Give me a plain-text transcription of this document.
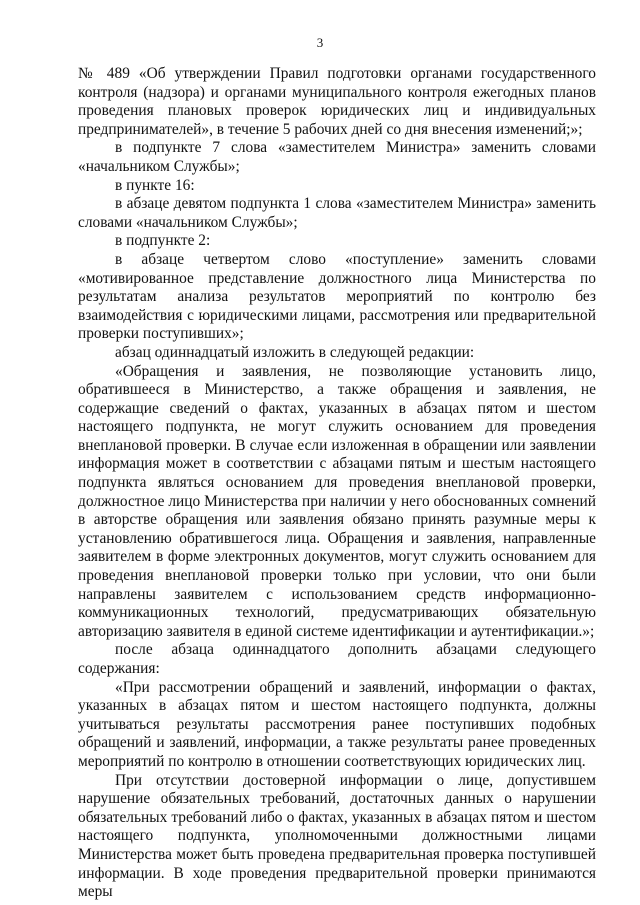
3

№ 489 «Об утверждении Правил подготовки органами государственного контроля (надзора) и органами муниципального контроля ежегодных планов проведения плановых проверок юридических лиц и индивидуальных предпринимателей», в течение 5 рабочих дней со дня внесения изменений;»;

в подпункте 7 слова «заместителем Министра» заменить словами «начальником Службы»;

в пункте 16:

в абзаце девятом подпункта 1 слова «заместителем Министра» заменить словами «начальником Службы»;

в подпункте 2:

в абзаце четвертом слово «поступление» заменить словами «мотивированное представление должностного лица Министерства по результатам анализа результатов мероприятий по контролю без взаимодействия с юридическими лицами, рассмотрения или предварительной проверки поступивших»;

абзац одиннадцатый изложить в следующей редакции:

«Обращения и заявления, не позволяющие установить лицо, обратившееся в Министерство, а также обращения и заявления, не содержащие сведений о фактах, указанных в абзацах пятом и шестом настоящего подпункта, не могут служить основанием для проведения внеплановой проверки. В случае если изложенная в обращении или заявлении информация может в соответствии с абзацами пятым и шестым настоящего подпункта являться основанием для проведения внеплановой проверки, должностное лицо Министерства при наличии у него обоснованных сомнений в авторстве обращения или заявления обязано принять разумные меры к установлению обратившегося лица. Обращения и заявления, направленные заявителем в форме электронных документов, могут служить основанием для проведения внеплановой проверки только при условии, что они были направлены заявителем с использованием средств информационно-коммуникационных технологий, предусматривающих обязательную авторизацию заявителя в единой системе идентификации и аутентификации.»;

после абзаца одиннадцатого дополнить абзацами следующего содержания:

«При рассмотрении обращений и заявлений, информации о фактах, указанных в абзацах пятом и шестом настоящего подпункта, должны учитываться результаты рассмотрения ранее поступивших подобных обращений и заявлений, информации, а также результаты ранее проведенных мероприятий по контролю в отношении соответствующих юридических лиц.

При отсутствии достоверной информации о лице, допустившем нарушение обязательных требований, достаточных данных о нарушении обязательных требований либо о фактах, указанных в абзацах пятом и шестом настоящего подпункта, уполномоченными должностными лицами Министерства может быть проведена предварительная проверка поступившей информации. В ходе проведения предварительной проверки принимаются меры
